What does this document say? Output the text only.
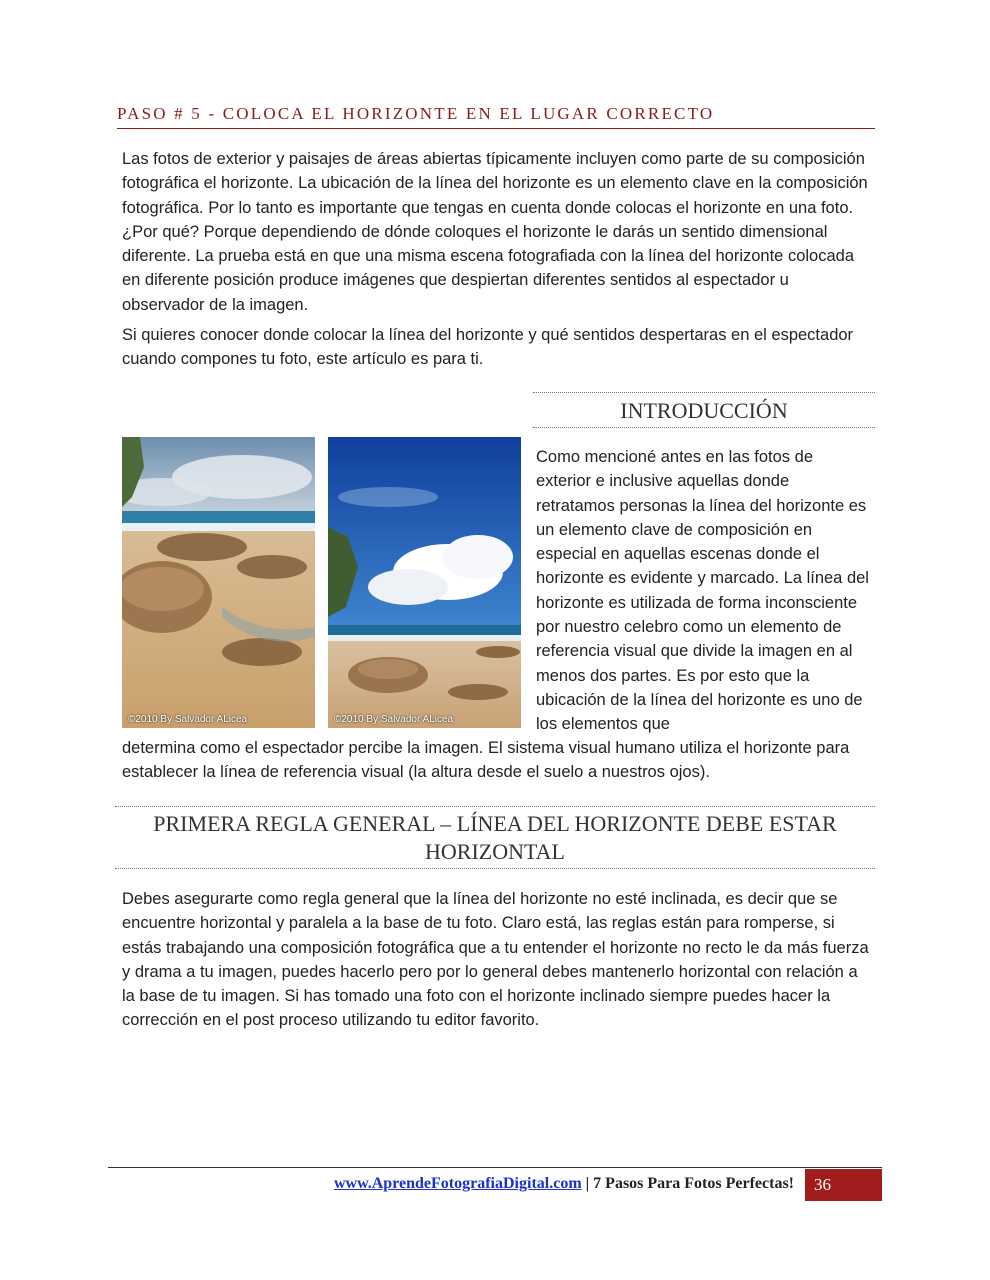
PASO # 5 - COLOCA EL HORIZONTE EN EL LUGAR CORRECTO

Las fotos de exterior y paisajes de áreas abiertas típicamente incluyen como parte de su composición fotográfica el horizonte. La ubicación de la línea del horizonte es un elemento clave en la composición fotográfica. Por lo tanto es importante que tengas en cuenta donde colocas el horizonte en una foto. ¿Por qué? Porque dependiendo de dónde coloques el horizonte le darás un sentido dimensional diferente. La prueba está en que una misma escena fotografiada con la línea del horizonte colocada en diferente posición produce imágenes que despiertan diferentes sentidos al espectador u observador de la imagen.

Si quieres conocer donde colocar la línea del horizonte y qué sentidos despertaras en el espectador cuando compones tu foto, este artículo es para ti.

INTRODUCCIÓN
©2010 By Salvador ALicea	©2010 By Salvador ALicea

Como mencioné antes en las fotos de exterior e inclusive aquellas donde retratamos personas la línea del horizonte es un elemento clave de composición en especial en aquellas escenas donde el horizonte es evidente y marcado. La línea del horizonte es utilizada de forma inconsciente por nuestro celebro como un elemento de referencia visual que divide la imagen en al menos dos partes. Es por esto que la ubicación de la línea del horizonte es uno de los elementos que

determina como el espectador percibe la imagen. El sistema visual humano utiliza el horizonte para establecer la línea de referencia visual (la altura desde el suelo a nuestros ojos).

PRIMERA REGLA GENERAL – LÍNEA DEL HORIZONTE DEBE ESTAR
HORIZONTAL

Debes asegurarte como regla general que la línea del horizonte no esté inclinada, es decir que se encuentre horizontal y paralela a la base de tu foto. Claro está, las reglas están para romperse, si estás trabajando una composición fotográfica que a tu entender el horizonte no recto le da más fuerza y drama a tu imagen, puedes hacerlo pero por lo general debes mantenerlo horizontal con relación a la base de tu imagen. Si has tomado una foto con el horizonte inclinado siempre puedes hacer la corrección en el post proceso utilizando tu editor favorito.

www.AprendeFotografiaDigital.com | 7 Pasos Para Fotos Perfectas!	36
